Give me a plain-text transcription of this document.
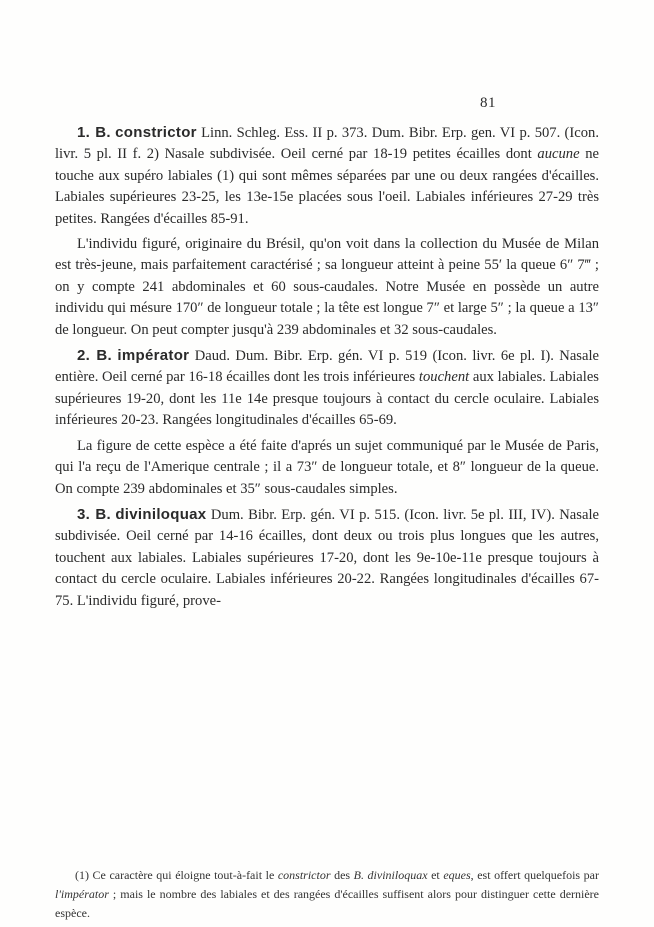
81

1. B. constrictor Linn. Schleg. Ess. II p. 373. Dum. Bibr. Erp. gen. VI p. 507. (Icon. livr. 5 pl. II f. 2) Nasale subdivisée. Oeil cerné par 18-19 petites écailles dont aucune ne touche aux supéro labiales (1) qui sont mêmes séparées par une ou deux rangées d'écailles. Labiales supérieures 23-25, les 13e-15e placées sous l'oeil. Labiales inférieures 27-29 très petites. Rangées d'écailles 85-91.

L'individu figuré, originaire du Brésil, qu'on voit dans la collection du Musée de Milan est très-jeune, mais parfaitement caractérisé ; sa longueur atteint à peine 55′ la queue 6″ 7‴ ; on y compte 241 abdominales et 60 sous-caudales. Notre Musée en possède un autre individu qui mésure 170″ de longueur totale ; la tête est longue 7″ et large 5″ ; la queue a 13″ de longueur. On peut compter jusqu'à 239 abdominales et 32 sous-caudales.

2. B. impérator Daud. Dum. Bibr. Erp. gén. VI p. 519 (Icon. livr. 6e pl. I). Nasale entière. Oeil cerné par 16-18 écailles dont les trois inférieures touchent aux labiales. Labiales supérieures 19-20, dont les 11e 14e presque toujours à contact du cercle oculaire. Labiales inférieures 20-23. Rangées longitudinales d'écailles 65-69.

La figure de cette espèce a été faite d'aprés un sujet communiqué par le Musée de Paris, qui l'a reçu de l'Amerique centrale ; il a 73″ de longueur totale, et 8″ longueur de la queue. On compte 239 abdominales et 35″ sous-caudales simples.

3. B. diviniloquax Dum. Bibr. Erp. gén. VI p. 515. (Icon. livr. 5e pl. III, IV). Nasale subdivisée. Oeil cerné par 14-16 écailles, dont deux ou trois plus longues que les autres, touchent aux labiales. Labiales supérieures 17-20, dont les 9e-10e-11e presque toujours à contact du cercle oculaire. Labiales inférieures 20-22. Rangées longitudinales d'écailles 67-75. L'individu figuré, prove-

(1) Ce caractère qui éloigne tout-à-fait le constrictor des B. diviniloquax et eques, est offert quelquefois par l'impérator ; mais le nombre des labiales et des rangées d'écailles suffisent alors pour distinguer cette dernière espèce.
